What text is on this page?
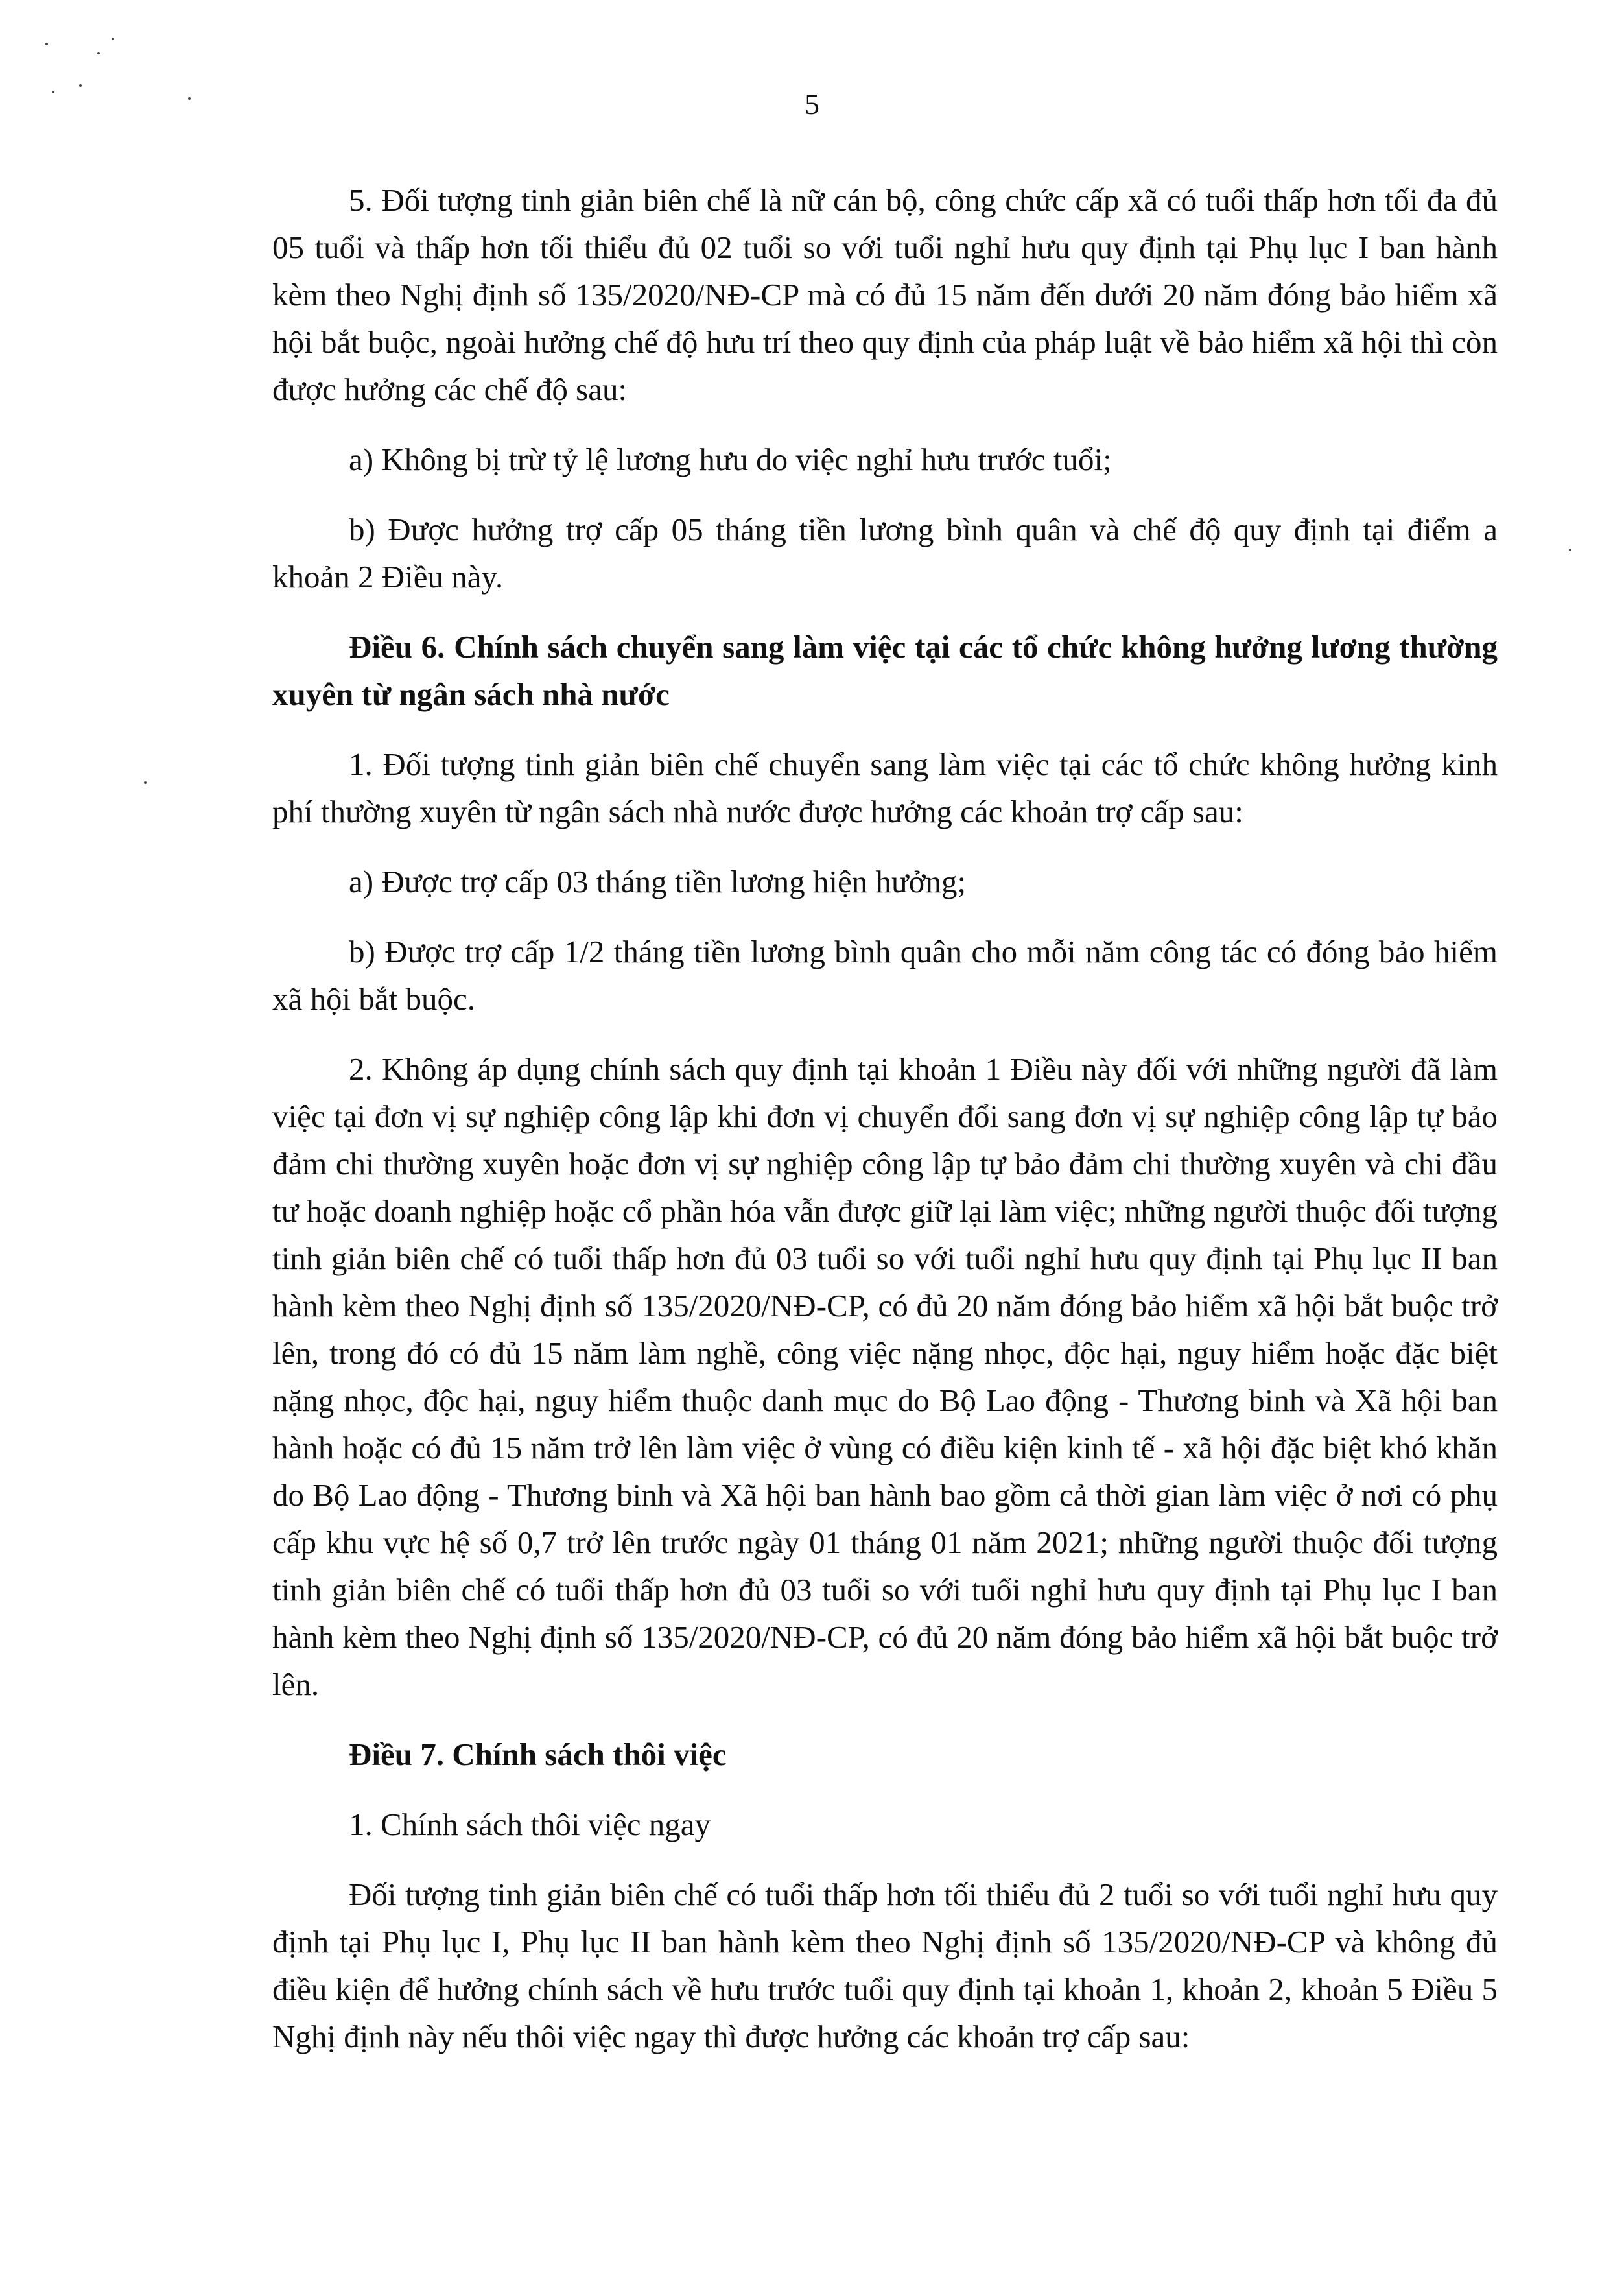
5

5. Đối tượng tinh giản biên chế là nữ cán bộ, công chức cấp xã có tuổi thấp hơn tối đa đủ 05 tuổi và thấp hơn tối thiểu đủ 02 tuổi so với tuổi nghỉ hưu quy định tại Phụ lục I ban hành kèm theo Nghị định số 135/2020/NĐ-CP mà có đủ 15 năm đến dưới 20 năm đóng bảo hiểm xã hội bắt buộc, ngoài hưởng chế độ hưu trí theo quy định của pháp luật về bảo hiểm xã hội thì còn được hưởng các chế độ sau:

a) Không bị trừ tỷ lệ lương hưu do việc nghỉ hưu trước tuổi;

b) Được hưởng trợ cấp 05 tháng tiền lương bình quân và chế độ quy định tại điểm a khoản 2 Điều này.

Điều 6. Chính sách chuyển sang làm việc tại các tổ chức không hưởng lương thường xuyên từ ngân sách nhà nước

1. Đối tượng tinh giản biên chế chuyển sang làm việc tại các tổ chức không hưởng kinh phí thường xuyên từ ngân sách nhà nước được hưởng các khoản trợ cấp sau:

a) Được trợ cấp 03 tháng tiền lương hiện hưởng;

b) Được trợ cấp 1/2 tháng tiền lương bình quân cho mỗi năm công tác có đóng bảo hiểm xã hội bắt buộc.

2. Không áp dụng chính sách quy định tại khoản 1 Điều này đối với những người đã làm việc tại đơn vị sự nghiệp công lập khi đơn vị chuyển đổi sang đơn vị sự nghiệp công lập tự bảo đảm chi thường xuyên hoặc đơn vị sự nghiệp công lập tự bảo đảm chi thường xuyên và chi đầu tư hoặc doanh nghiệp hoặc cổ phần hóa vẫn được giữ lại làm việc; những người thuộc đối tượng tinh giản biên chế có tuổi thấp hơn đủ 03 tuổi so với tuổi nghỉ hưu quy định tại Phụ lục II ban hành kèm theo Nghị định số 135/2020/NĐ-CP, có đủ 20 năm đóng bảo hiểm xã hội bắt buộc trở lên, trong đó có đủ 15 năm làm nghề, công việc nặng nhọc, độc hại, nguy hiểm hoặc đặc biệt nặng nhọc, độc hại, nguy hiểm thuộc danh mục do Bộ Lao động - Thương binh và Xã hội ban hành hoặc có đủ 15 năm trở lên làm việc ở vùng có điều kiện kinh tế - xã hội đặc biệt khó khăn do Bộ Lao động - Thương binh và Xã hội ban hành bao gồm cả thời gian làm việc ở nơi có phụ cấp khu vực hệ số 0,7 trở lên trước ngày 01 tháng 01 năm 2021; những người thuộc đối tượng tinh giản biên chế có tuổi thấp hơn đủ 03 tuổi so với tuổi nghỉ hưu quy định tại Phụ lục I ban hành kèm theo Nghị định số 135/2020/NĐ-CP, có đủ 20 năm đóng bảo hiểm xã hội bắt buộc trở lên.

Điều 7. Chính sách thôi việc

1. Chính sách thôi việc ngay

Đối tượng tinh giản biên chế có tuổi thấp hơn tối thiểu đủ 2 tuổi so với tuổi nghỉ hưu quy định tại Phụ lục I, Phụ lục II ban hành kèm theo Nghị định số 135/2020/NĐ-CP và không đủ điều kiện để hưởng chính sách về hưu trước tuổi quy định tại khoản 1, khoản 2, khoản 5 Điều 5 Nghị định này nếu thôi việc ngay thì được hưởng các khoản trợ cấp sau:
